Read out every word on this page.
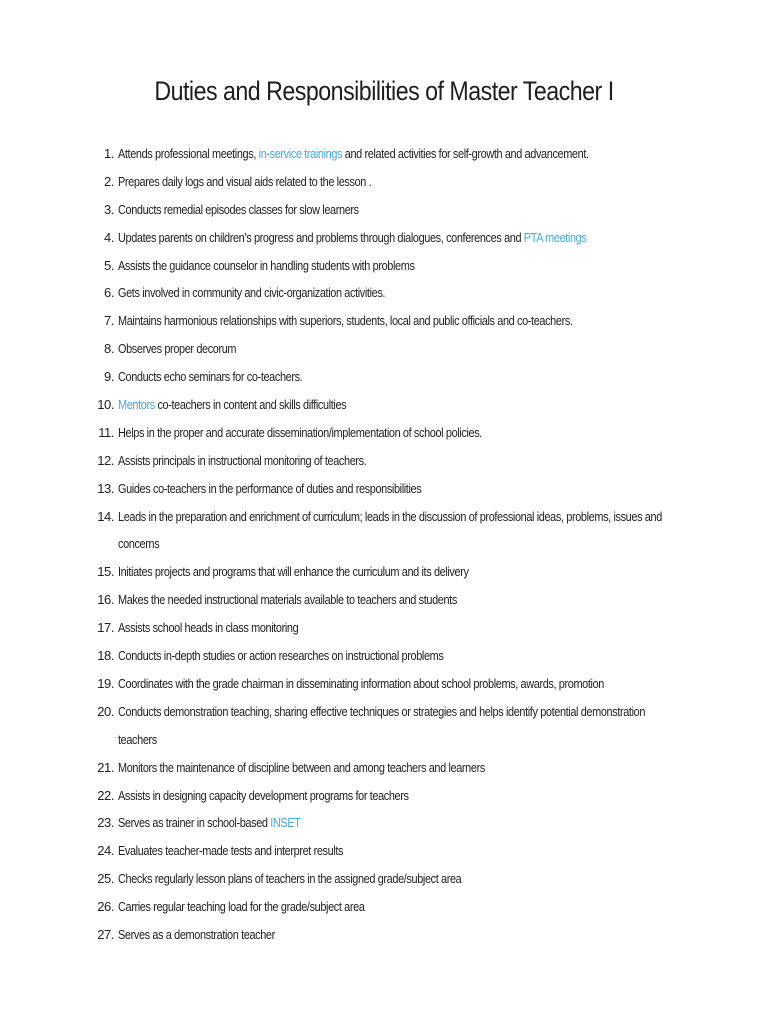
Duties and Responsibilities of Master Teacher I
1. Attends professional meetings, in-service trainings and related activities for self-growth and advancement.
2. Prepares daily logs and visual aids related to the lesson .
3. Conducts remedial episodes classes for slow learners
4. Updates parents on children’s progress and problems through dialogues, conferences and PTA meetings
5. Assists the guidance counselor in handling students with problems
6. Gets involved in community and civic-organization activities.
7. Maintains harmonious relationships with superiors, students, local and public officials and co-teachers.
8. Observes proper decorum
9. Conducts echo seminars for co-teachers.
10. Mentors co-teachers in content and skills difficulties
11. Helps in the proper and accurate dissemination/implementation of school policies.
12. Assists principals in instructional monitoring of teachers.
13. Guides co-teachers in the performance of duties and responsibilities
14. Leads in the preparation and enrichment of curriculum; leads in the discussion of professional ideas, problems, issues and
concerns
15. Initiates projects and programs that will enhance the curriculum and its delivery
16. Makes the needed instructional materials available to teachers and students
17. Assists school heads in class monitoring
18. Conducts in-depth studies or action researches on instructional problems
19. Coordinates with the grade chairman in disseminating information about school problems, awards, promotion
20. Conducts demonstration teaching, sharing effective techniques or strategies and helps identify potential demonstration
teachers
21. Monitors the maintenance of discipline between and among teachers and learners
22. Assists in designing capacity development programs for teachers
23. Serves as trainer in school-based INSET
24. Evaluates teacher-made tests and interpret results
25. Checks regularly lesson plans of teachers in the assigned grade/subject area
26. Carries regular teaching load for the grade/subject area
27. Serves as a demonstration teacher
